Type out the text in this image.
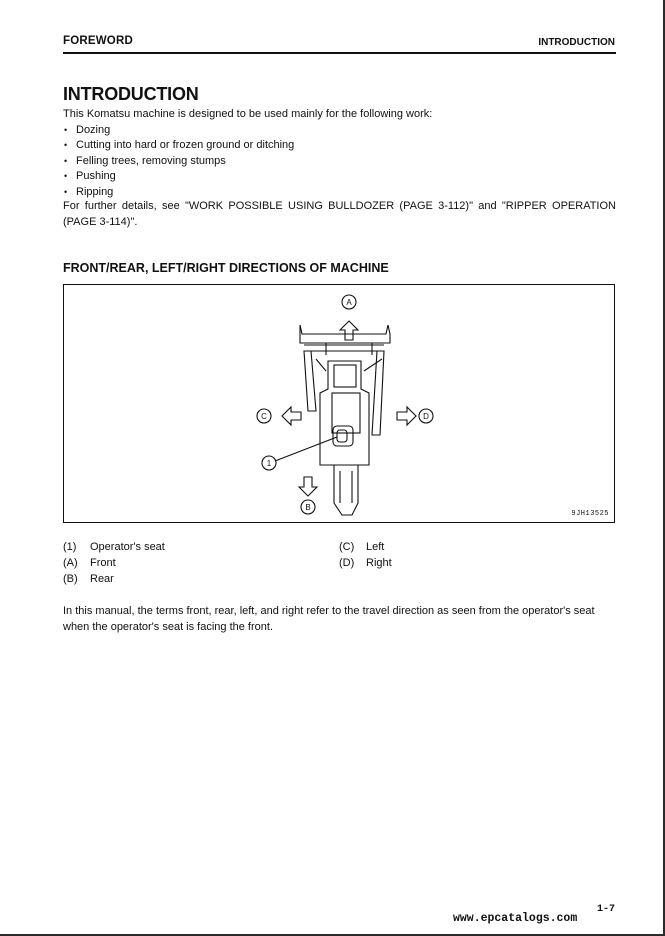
FOREWORD	INTRODUCTION
INTRODUCTION
This Komatsu machine is designed to be used mainly for the following work:
• Dozing
• Cutting into hard or frozen ground or ditching
• Felling trees, removing stumps
• Pushing
• Ripping
For further details, see "WORK POSSIBLE USING BULLDOZER (PAGE 3-112)" and "RIPPER OPERATION (PAGE 3-114)".
FRONT/REAR, LEFT/RIGHT DIRECTIONS OF MACHINE
A
B
C	D
1
9JH13525
(1) Operator's seat
(A) Front
(B) Rear
(C) Left
(D) Right
In this manual, the terms front, rear, left, and right refer to the travel direction as seen from the operator's seat when the operator's seat is facing the front.
1-7
www.epcatalogs.com
